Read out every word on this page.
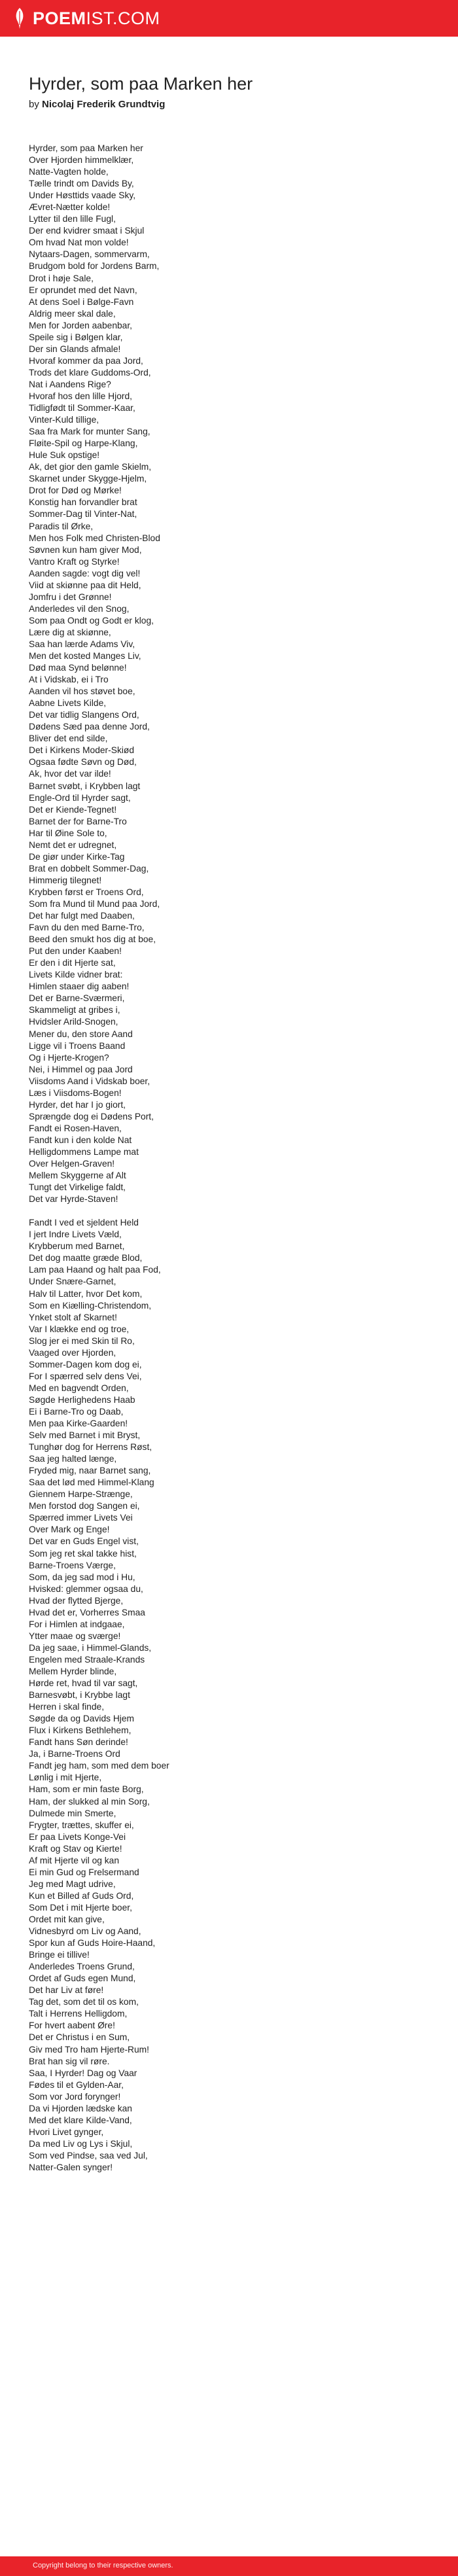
POEMIST.COM
Hyrder, som paa Marken her
by Nicolaj Frederik Grundtvig
Hyrder, som paa Marken her
Over Hjorden himmelklær,
Natte-Vagten holde,
Tælle trindt om Davids By,
Under Høsttids vaade Sky,
Ævret-Nætter kolde!
Lytter til den lille Fugl,
Der end kvidrer smaat i Skjul
Om hvad Nat mon volde!
Nytaars-Dagen, sommervarm,
Brudgom bold for Jordens Barm,
Drot i høje Sale,
Er oprundet med det Navn,
At dens Soel i Bølge-Favn
Aldrig meer skal dale,
Men for Jorden aabenbar,
Speile sig i Bølgen klar,
Der sin Glands afmale!
Hvoraf kommer da paa Jord,
Trods det klare Guddoms-Ord,
Nat i Aandens Rige?
Hvoraf hos den lille Hjord,
Tidligfødt til Sommer-Kaar,
Vinter-Kuld tillige,
Saa fra Mark for munter Sang,
Fløite-Spil og Harpe-Klang,
Hule Suk opstige!
Ak, det gior den gamle Skielm,
Skarnet under Skygge-Hjelm,
Drot for Død og Mørke!
Konstig han forvandler brat
Sommer-Dag til Vinter-Nat,
Paradis til Ørke,
Men hos Folk med Christen-Blod
Søvnen kun ham giver Mod,
Vantro Kraft og Styrke!
Aanden sagde: vogt dig vel!
Viid at skiønne paa dit Held,
Jomfru i det Grønne!
Anderledes vil den Snog,
Som paa Ondt og Godt er klog,
Lære dig at skiønne,
Saa han lærde Adams Viv,
Men det kosted Manges Liv,
Død maa Synd belønne!
At i Vidskab, ei i Tro
Aanden vil hos støvet boe,
Aabne Livets Kilde,
Det var tidlig Slangens Ord,
Dødens Sæd paa denne Jord,
Bliver det end silde,
Det i Kirkens Moder-Skiød
Ogsaa fødte Søvn og Død,
Ak, hvor det var ilde!
Barnet svøbt, i Krybben lagt
Engle-Ord til Hyrder sagt,
Det er Kiende-Tegnet!
Barnet der for Barne-Tro
Har til Øine Sole to,
Nemt det er udregnet,
De giør under Kirke-Tag
Brat en dobbelt Sommer-Dag,
Himmerig tilegnet!
Krybben først er Troens Ord,
Som fra Mund til Mund paa Jord,
Det har fulgt med Daaben,
Favn du den med Barne-Tro,
Beed den smukt hos dig at boe,
Put den under Kaaben!
Er den i dit Hjerte sat,
Livets Kilde vidner brat:
Himlen staaer dig aaben!
Det er Barne-Sværmeri,
Skammeligt at gribes i,
Hvidsler Arild-Snogen,
Mener du, den store Aand
Ligge vil i Troens Baand
Og i Hjerte-Krogen?
Nei, i Himmel og paa Jord
Viisdoms Aand i Vidskab boer,
Læs i Viisdoms-Bogen!
Hyrder, det har I jo giort,
Sprængde dog ei Dødens Port,
Fandt ei Rosen-Haven,
Fandt kun i den kolde Nat
Helligdommens Lampe mat
Over Helgen-Graven!
Mellem Skyggerne af Alt
Tungt det Virkelige faldt,
Det var Hyrde-Staven!
Fandt I ved et sjeldent Held
I jert Indre Livets Væld,
Krybberum med Barnet,
Det dog maatte græde Blod,
Lam paa Haand og halt paa Fod,
Under Snære-Garnet,
Halv til Latter, hvor Det kom,
Som en Kiælling-Christendom,
Ynket stolt af Skarnet!
Var I klække end og troe,
Slog jer ei med Skin til Ro,
Vaaged over Hjorden,
Sommer-Dagen kom dog ei,
For I spærred selv dens Vei,
Med en bagvendt Orden,
Søgde Herlighedens Haab
Ei i Barne-Tro og Daab,
Men paa Kirke-Gaarden!
Selv med Barnet i mit Bryst,
Tunghør dog for Herrens Røst,
Saa jeg halted længe,
Fryded mig, naar Barnet sang,
Saa det lød med Himmel-Klang
Giennem Harpe-Strænge,
Men forstod dog Sangen ei,
Spærred immer Livets Vei
Over Mark og Enge!
Det var en Guds Engel vist,
Som jeg ret skal takke hist,
Barne-Troens Værge,
Som, da jeg sad mod i Hu,
Hvisked: glemmer ogsaa du,
Hvad der flytted Bjerge,
Hvad det er, Vorherres Smaa
For i Himlen at indgaae,
Ytter maae og sværge!
Da jeg saae, i Himmel-Glands,
Engelen med Straale-Krands
Mellem Hyrder blinde,
Hørde ret, hvad til var sagt,
Barnesvøbt, i Krybbe lagt
Herren i skal finde,
Søgde da og Davids Hjem
Flux i Kirkens Bethlehem,
Fandt hans Søn derinde!
Ja, i Barne-Troens Ord
Fandt jeg ham, som med dem boer
Lønlig i mit Hjerte,
Ham, som er min faste Borg,
Ham, der slukked al min Sorg,
Dulmede min Smerte,
Frygter, trættes, skuffer ei,
Er paa Livets Konge-Vei
Kraft og Stav og Kierte!
Af mit Hjerte vil og kan
Ei min Gud og Frelsermand
Jeg med Magt udrive,
Kun et Billed af Guds Ord,
Som Det i mit Hjerte boer,
Ordet mit kan give,
Vidnesbyrd om Liv og Aand,
Spor kun af Guds Hoire-Haand,
Bringe ei tillive!
Anderledes Troens Grund,
Ordet af Guds egen Mund,
Det har Liv at føre!
Tag det, som det til os kom,
Talt i Herrens Helligdom,
For hvert aabent Øre!
Det er Christus i en Sum,
Giv med Tro ham Hjerte-Rum!
Brat han sig vil røre.
Saa, I Hyrder! Dag og Vaar
Fødes til et Gylden-Aar,
Som vor Jord forynger!
Da vi Hjorden lædske kan
Med det klare Kilde-Vand,
Hvori Livet gynger,
Da med Liv og Lys i Skjul,
Som ved Pindse, saa ved Jul,
Natter-Galen synger!
Copyright belong to their respective owners.
